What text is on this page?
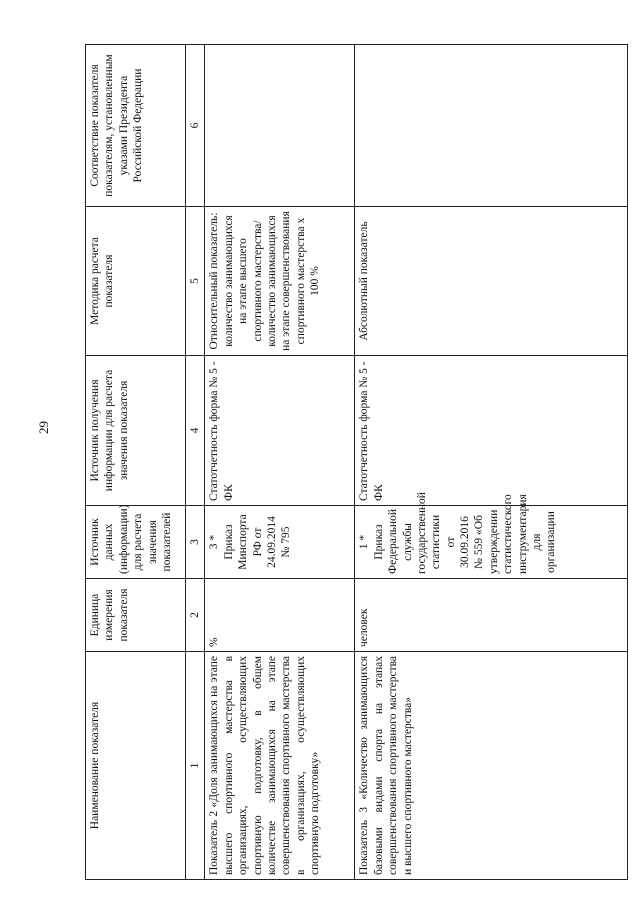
29
Наименование показателя	Единица измерения показателя	Источник данных (информации) для расчета значения показателей	Источник получения информации для расчета значения показателя	Методика расчета показателя	Соответствие показателя показателям, установленным указами Президента Российской Федерации
1	2	3	4	5	6
Показатель 2 «Доля занимающихся на этапе высшего спортивного мастерства в организациях, осуществляющих спортивную подготовку, в общем количестве занимающихся на этапе совершенствования спортивного мастерства в организациях, осуществляющих спортивную подготовку»	%	3 * Приказ Минспорта РФ от 24.09.2014 № 795	Статотчетность форма № 5 - ФК	Относительный показатель: количество занимающихся на этапе высшего спортивного мастерства/ количество занимающихся на этапе совершенствования спортивного мастерства x 100 %	
Показатель 3 «Количество занимающихся базовыми видами спорта на этапах совершенствования спортивного мастерства и высшего спортивного мастерства»	человек	1 * Приказ Федеральной службы государственной статистики от 30.09.2016 № 559 «Об утверждении статистического инструментария для организации	Статотчетность форма № 5 - ФК	Абсолютный показатель	
